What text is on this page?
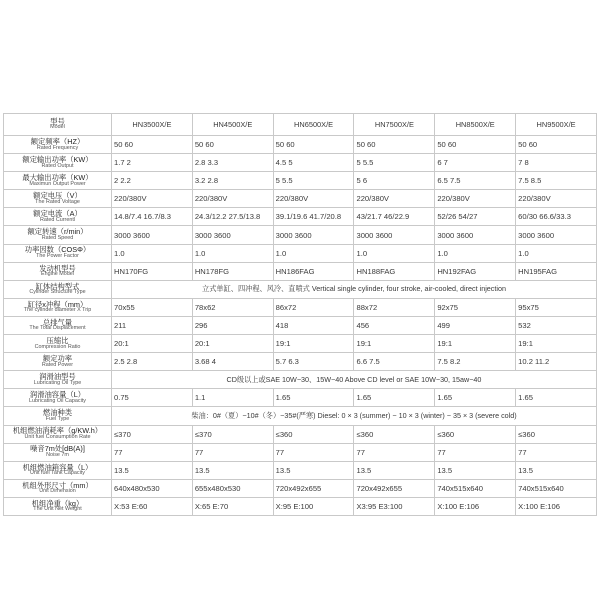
型号
Model	HN3500X/E	HN4500X/E	HN6500X/E	HN7500X/E	HN8500X/E	HN9500X/E

额定频率（HZ）
Rated Frequency	50 60	50 60	50 60	50 60	50 60	50 60

额定输出功率（KW）
Rated Output	1.7 2	2.8 3.3	4.5 5	5 5.5	6 7	7 8

最大输出功率（KW）
Maximun Output Power	2 2.2	3.2 2.8	5 5.5	5 6	6.5 7.5	7.5 8.5

额定电压（V）
The Rated Voltage	220/380V	220/380V	220/380V	220/380V	220/380V	220/380V

额定电流（A）
Rated Currentl	14.8/7.4 16.7/8.3	24.3/12.2 27.5/13.8	39.1/19.6 41.7/20.8	43/21.7 46/22.9	52/26 54/27	60/30 66.6/33.3

额定转速（r/min）
Rated Speed	3000 3600	3000 3600	3000 3600	3000 3600	3000 3600	3000 3600

功率因数（COSΦ）
The Power Factor	1.0	1.0	1.0	1.0	1.0	1.0

发动机型号
Engine Model	HN170FG	HN178FG	HN186FAG	HN188FAG	HN192FAG	HN195FAG

缸体结构型式
Cylinder Structure Type	立式单缸、四冲程、风冷、直喷式 Vertical single cylinder, four stroke, air-cooled, direct injection					

缸径x冲程（mm）
The cylinder diameter X Trip	70x55	78x62	86x72	88x72	92x75	95x75

总排气量
The Total Displacement	211	296	418	456	499	532

压缩比
Compression Ratio	20:1	20:1	19:1	19:1	19:1	19:1

额定功率
Rated Power	2.5 2.8	3.68 4	5.7 6.3	6.6 7.5	7.5 8.2	10.2 11.2

润滑油型号
Lubricating Oil Type	CD级以上或SAE 10W−30、15W−40 Above CD level or SAE 10W−30, 15aw−40					

润滑油容量（L）
Lubricating Oil Capacity	0.75	1.1	1.65	1.65	1.65	1.65

燃油种类
Fuel Type	柴油：0#（夏）−10#（冬）−35#(严寒) Diesel: 0 × 3 (summer) − 10 × 3 (winter) − 35 × 3 (severe cold)					

机组燃油消耗率（g/KW.h）
Unit fuel Consumption Rate	≤370	≤370	≤360	≤360	≤360	≤360

噪音7m处[dB(A)]
Noise 7m	77	77	77	77	77	77

机组燃油箱容量（L）
Unit fuel Tank Capacity	13.5	13.5	13.5	13.5	13.5	13.5

机组外形尺寸（mm）
Unit Dimension	640x480x530	655x480x530	720x492x655	720x492x655	740x515x640	740x515x640

机组净重（kg）
The Unit Net Weight	X:53 E:60	X:65 E:70	X:95 E:100	X3:95 E3:100	X:100 E:106	X:100 E:106
